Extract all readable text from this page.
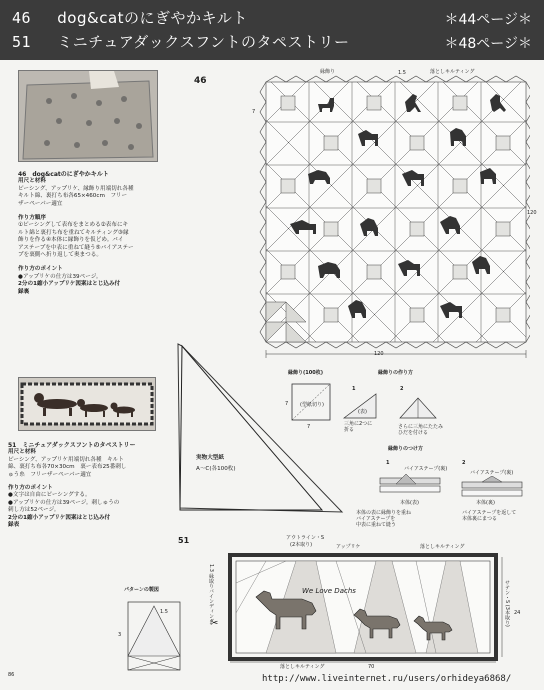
46 dog&catのにぎやかキルト	＊44ページ＊
51 ミニチュアダックスフントのタペストリー	＊48ページ＊
46　dog&catのにぎやかキルト
用尺と材料
ピーシング、アップリケ、縁飾り用端切れ各種
キルト綿、裏打ち布各65×460cm　フリー
ザーペーパー適宜
作り方順序
①ピーシングして表布をまとめる②表布にキ
ルト綿と裏打ち布を重ねてキルティング③縁
飾りを作る④本体に縁飾りを仮どめ。バイ
アステープを中表に重ねて縫う⑤バイアステー
プを裏側へ折り返して奥まつる。
作り方のポイント
●アップリケの仕方は39ページ。
2分の1縮小アップリケ図案はとじ込み付
録裏
51　ミニチュアダックスフントのタペストリー
用尺と材料
ピーシング、アップリケ用端切れ各種　キルト
綿、裏打ち布各70×30cm　裏ー表布25番刺し
ゅう糸　フリーザーペーパー適宜
作り方のポイント
●文字は自由にピーシングする。
●アップリケの仕方は39ページ。刺しゅうの
刺し方は52ページ。
2分の1縮小アップリケ図案はとじ込み付
録表
46
縁飾り	1.5	落としキルティング
7
120
120
実物大型紙
A〜C(各100枚)
縁飾り(100枚)	縁飾りの作り方
(型紙切り)
7
7
1
(表)
三角に2つに
折る
2
さらに三角にたたみ
ひだを付ける
縁飾りのつけ方
1
バイアステープ(裏)
本体(表)
本体の表に縁飾りを重ね
バイアステープを
中表に重ねて縫う
2
バイアステープ(裏)
本体(裏)
バイアステープを返して
本体裏にまつる
51	アウトライン・S
(2本取り)	アップリケ	落としキルティング
1.3 縁取りバインディング	サテン・S (3本取り) 24
We Love Dachs
落としキルティング	70
✂
パターンの製図
1.5
3
86	http://www.liveinternet.ru/users/orhideya6868/
